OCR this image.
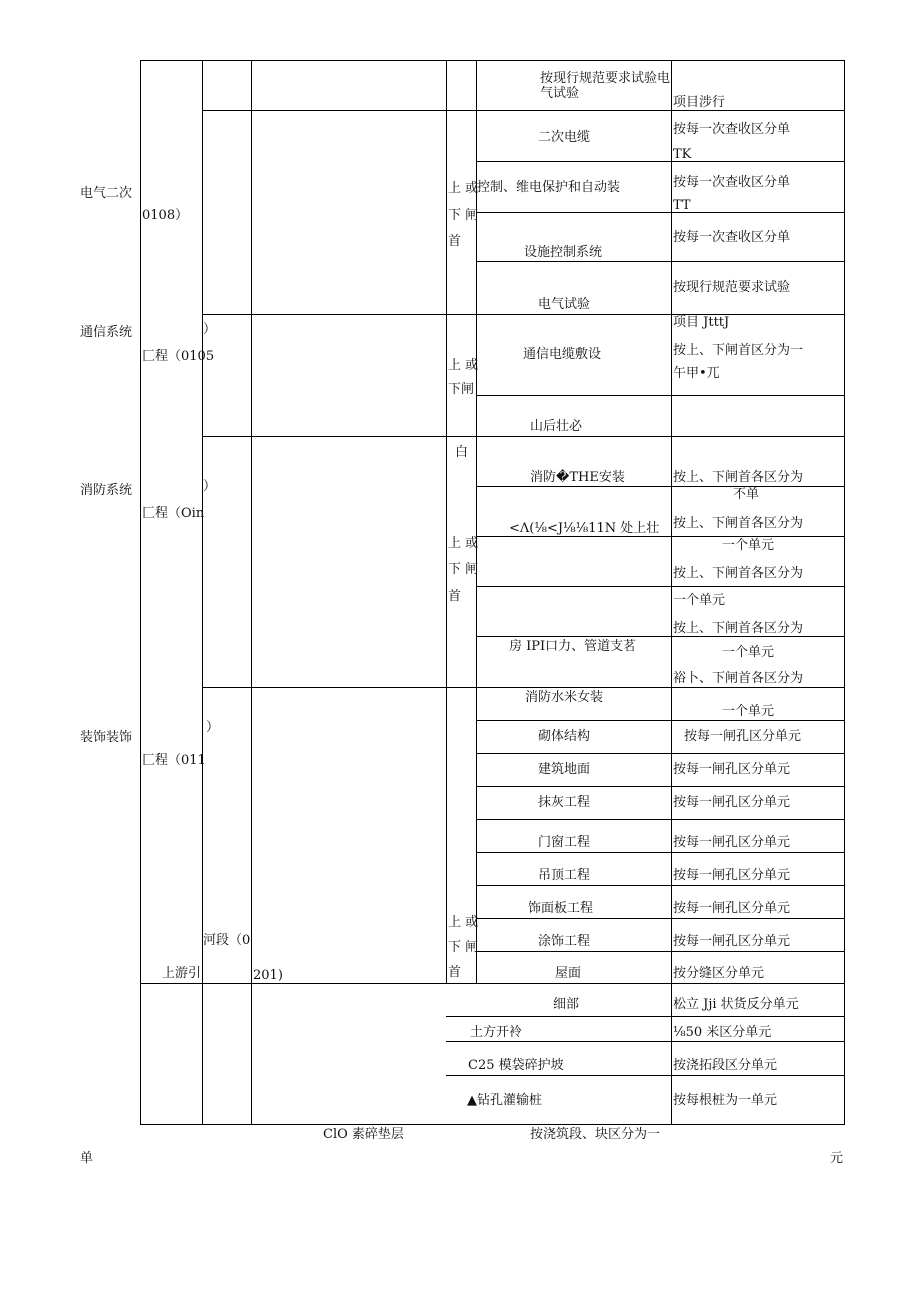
电气二次
通信系统
消防系统
装饰装饰
单
0108）
匚程（0105
匚程（Oin
匚程（011
上游引
）
）
）
河段（0
201)
上 或
下 闸
首
上 或
下闸
白
上 或
下 闸
首
上 或
下 闸
首
按现行规范要求试验电
气试验
二次电缆
控制、维电保护和自动装
设施控制系统
电气试验
通信电缆敷设
山后壮必
消防�THE安装
<Λ(⅛<J⅛⅛11N 处上壮
房 ІΡΙ口力、管道支茗
消防水米女装
砌体结构
建筑地面
抹灰工程
门窗工程
吊顶工程
饰面板工程
涂饰工程
屋面
细部
土方开袊
C25 模袋碎护坡
▲钻孔灌输桩
ClO 素碎垫层
项目涉行
按每一次查收区分单
TK
按每一次查收区分单
TT
按每一次查收区分单
按现行规范要求试验
项目 JtttJ
按上、下闸首区分为一
午甲•兀
按上、下闸首各区分为
不单
按上、下闸首各区分为
一个单元
按上、下闸首各区分为
一个单元
按上、下闸首各区分为
一个单元
裕卜、下闸首各区分为
一个单元
按每一闸孔区分单元
按每一闸孔区分单元
按每一闸孔区分单元
按每一闸孔区分单元
按每一闸孔区分单元
按每一闸孔区分单元
按每一闸孔区分单元
按分缝区分单元
松立 Jji 状货反分单元
⅛50 米区分单元
按浇拓段区分单元
按每根桩为一单元
按浇筑段、块区分为一
元
